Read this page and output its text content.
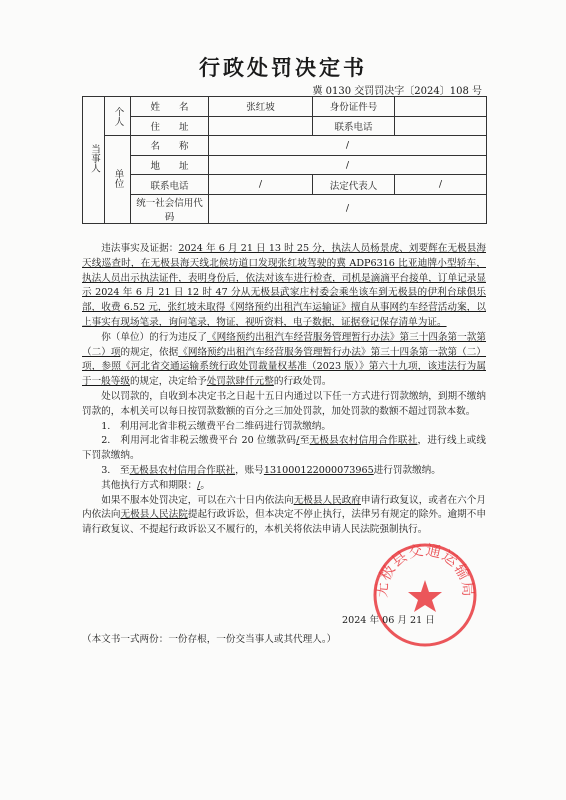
行政处罚决定书
冀 0130 交罚罚决字〔2024〕108 号
当事人	个人	姓　　名	张红坡	身份证件号	
		住　　址		联系电话	
	单位	名　　称	/		
		地　　址	/		
		联系电话	/	法定代表人	/
		统一社会信用代码	/		

违法事实及证据：2024 年 6 月 21 日 13 时 25 分，执法人员杨景虎、刘要辉在无极县海天线巡查时，在无极县海天线北候坊道口发现张红坡驾驶的冀 ADP6316 比亚迪牌小型轿车，执法人员出示执法证件，表明身份后，依法对该车进行检查，司机是滴滴平台接单，订单记录显示 2024 年 6 月 21 日 12 时 47 分从无极县武家庄村委会乘坐该车到无极县的伊利台球俱乐部，收费 6.52 元，张红坡未取得《网络预约出租汽车运输证》擅自从事网约车经营活动案，以上事实有现场笔录，询问笔录，物证，视听资料，电子数据，证据登记保存清单为证。

你（单位）的行为违反了《网络预约出租汽车经营服务管理暂行办法》第三十四条第一款第（二）项的规定，依据《网络预约出租汽车经营服务管理暂行办法》第三十四条第一款第（二）项，参照《河北省交通运输系统行政处罚裁量权基准（2023 版）》第六十九项，该违法行为属于一般等级的规定，决定给予处罚款肆仟元整的行政处罚。

处以罚款的，自收到本决定书之日起十五日内通过以下任一方式进行罚款缴纳，到期不缴纳罚款的，本机关可以每日按罚款数额的百分之三加处罚款，加处罚款的数额不超过罚款本数。

1.　利用河北省非税云缴费平台二维码进行罚款缴纳。

2.　利用河北省非税云缴费平台 20 位缴款码/至无极县农村信用合作联社，进行线上或线下罚款缴纳。

3.　至无极县农村信用合作联社，账号131000122000073965进行罚款缴纳。

其他执行方式和期限：/。

如果不服本处罚决定，可以在六十日内依法向无极县人民政府申请行政复议，或者在六个月内依法向无极县人民法院提起行政诉讼，但本决定不停止执行，法律另有规定的除外。逾期不申请行政复议、不提起行政诉讼又不履行的，本机关将依法申请人民法院强制执行。

无极县交通运输局
2024 年 06 月 21 日
（本文书一式两份：一份存根，一份交当事人或其代理人。）
